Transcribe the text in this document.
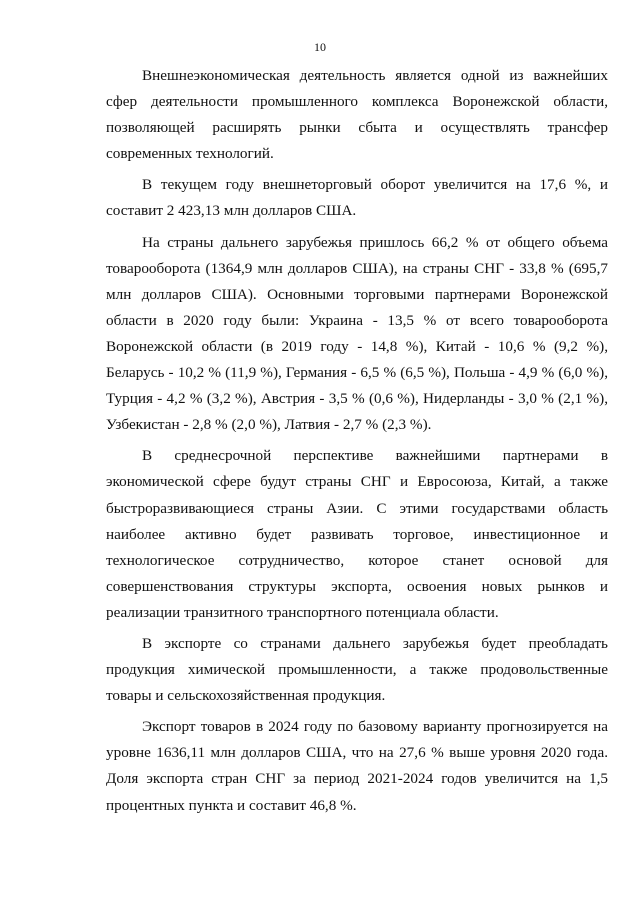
10

Внешнеэкономическая деятельность является одной из важнейших сфер деятельности промышленного комплекса Воронежской области, позволяющей расширять рынки сбыта и осуществлять трансфер современных технологий.

В текущем году внешнеторговый оборот увеличится на 17,6 %, и составит 2 423,13 млн долларов США.

На страны дальнего зарубежья пришлось 66,2 % от общего объема товарооборота (1364,9 млн долларов США), на страны СНГ - 33,8 % (695,7 млн долларов США). Основными торговыми партнерами Воронежской области в 2020 году были: Украина - 13,5 % от всего товарооборота Воронежской области (в 2019 году - 14,8 %), Китай - 10,6 % (9,2 %), Беларусь - 10,2 % (11,9 %), Германия - 6,5 % (6,5 %), Польша - 4,9 % (6,0 %), Турция - 4,2 % (3,2 %), Австрия - 3,5 % (0,6 %), Нидерланды - 3,0 % (2,1 %), Узбекистан - 2,8 % (2,0 %), Латвия - 2,7 % (2,3 %).

В среднесрочной перспективе важнейшими партнерами в экономической сфере будут страны СНГ и Евросоюза, Китай, а также быстроразвивающиеся страны Азии. С этими государствами область наиболее активно будет развивать торговое, инвестиционное и технологическое сотрудничество, которое станет основой для совершенствования структуры экспорта, освоения новых рынков и реализации транзитного транспортного потенциала области.

В экспорте со странами дальнего зарубежья будет преобладать продукция химической промышленности, а также продовольственные товары и сельскохозяйственная продукция.

Экспорт товаров в 2024 году по базовому варианту прогнозируется на уровне 1636,11 млн долларов США, что на 27,6 % выше уровня 2020 года. Доля экспорта стран СНГ за период 2021-2024 годов увеличится на 1,5 процентных пункта и составит 46,8 %.
